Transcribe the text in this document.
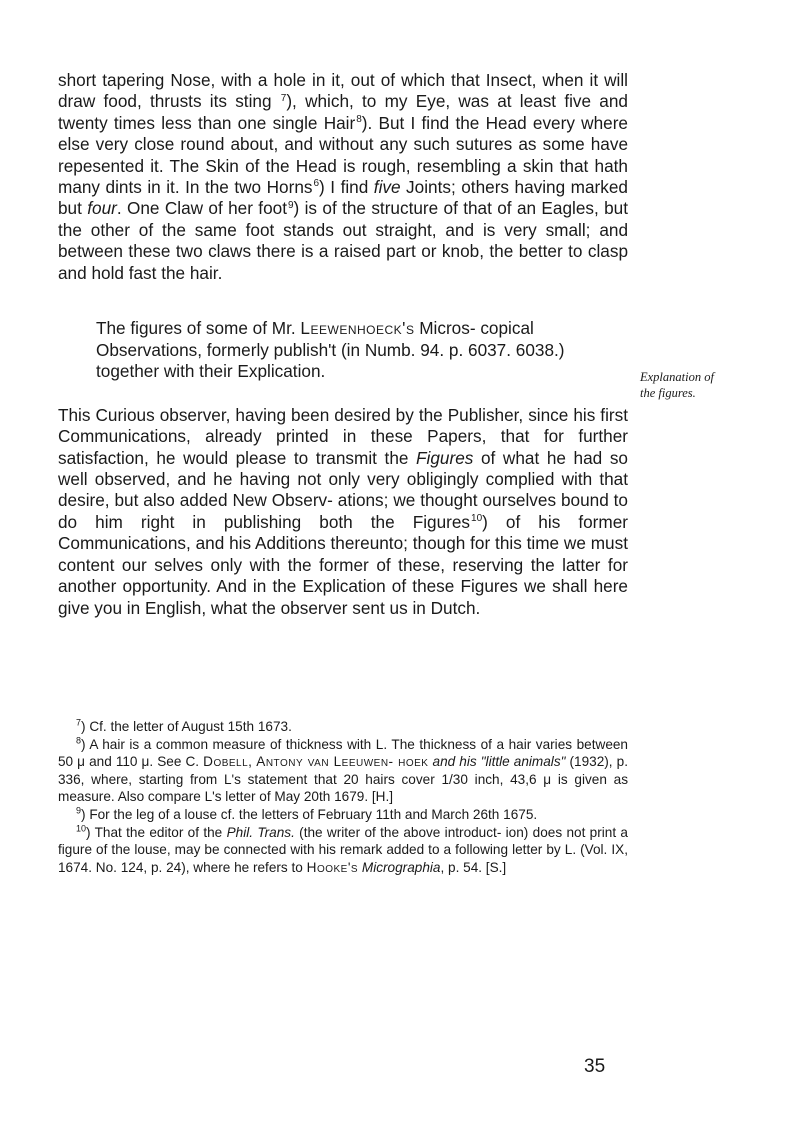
short tapering Nose, with a hole in it, out of which that Insect, when it will draw food, thrusts its sting $^7$), which, to my Eye, was at least five and twenty times less than one single Hair$^8$). But I find the Head every where else very close round about, and without any such sutures as some have repesented it. The Skin of the Head is rough, resembling a skin that hath many dints in it. In the two Horns$^6$) I find five Joints; others having marked but four. One Claw of her foot$^9$) is of the structure of that of an Eagles, but the other of the same foot stands out straight, and is very small; and between these two claws there is a raised part or knob, the better to clasp and hold fast the hair.

The figures of some of Mr. Leewenhoeck's Micros- copical Observations, formerly publish't (in Numb. 94. p. 6037. 6038.) together with their Explication.

This Curious observer, having been desired by the Publisher, since his first Communications, already printed in these Papers, that for further satisfaction, he would please to transmit the Figures of what he had so well observed, and he having not only very obligingly complied with that desire, but also added New Observ- ations; we thought ourselves bound to do him right in publishing both the Figures$^{10}$) of his former Communications, and his Additions thereunto; though for this time we must content our selves only with the former of these, reserving the latter for another opportunity. And in the Explication of these Figures we shall here give you in English, what the observer sent us in Dutch.

Explanation of
the figures.

$^7$) Cf. the letter of August 15th 1673.

$^8$) A hair is a common measure of thickness with L. The thickness of a hair varies between 50 μ and 110 μ. See C. Dobell, Antony van Leeuwen- hoek and his "little animals" (1932), p. 336, where, starting from L's statement that 20 hairs cover 1/30 inch, 43,6 μ is given as measure. Also compare L's letter of May 20th 1679. [H.]

$^9$) For the leg of a louse cf. the letters of February 11th and March 26th 1675.

$^{10}$) That the editor of the Phil. Trans. (the writer of the above introduct- ion) does not print a figure of the louse, may be connected with his remark added to a following letter by L. (Vol. IX, 1674. No. 124, p. 24), where he refers to Hooke's Micrographia, p. 54. [S.]

35
